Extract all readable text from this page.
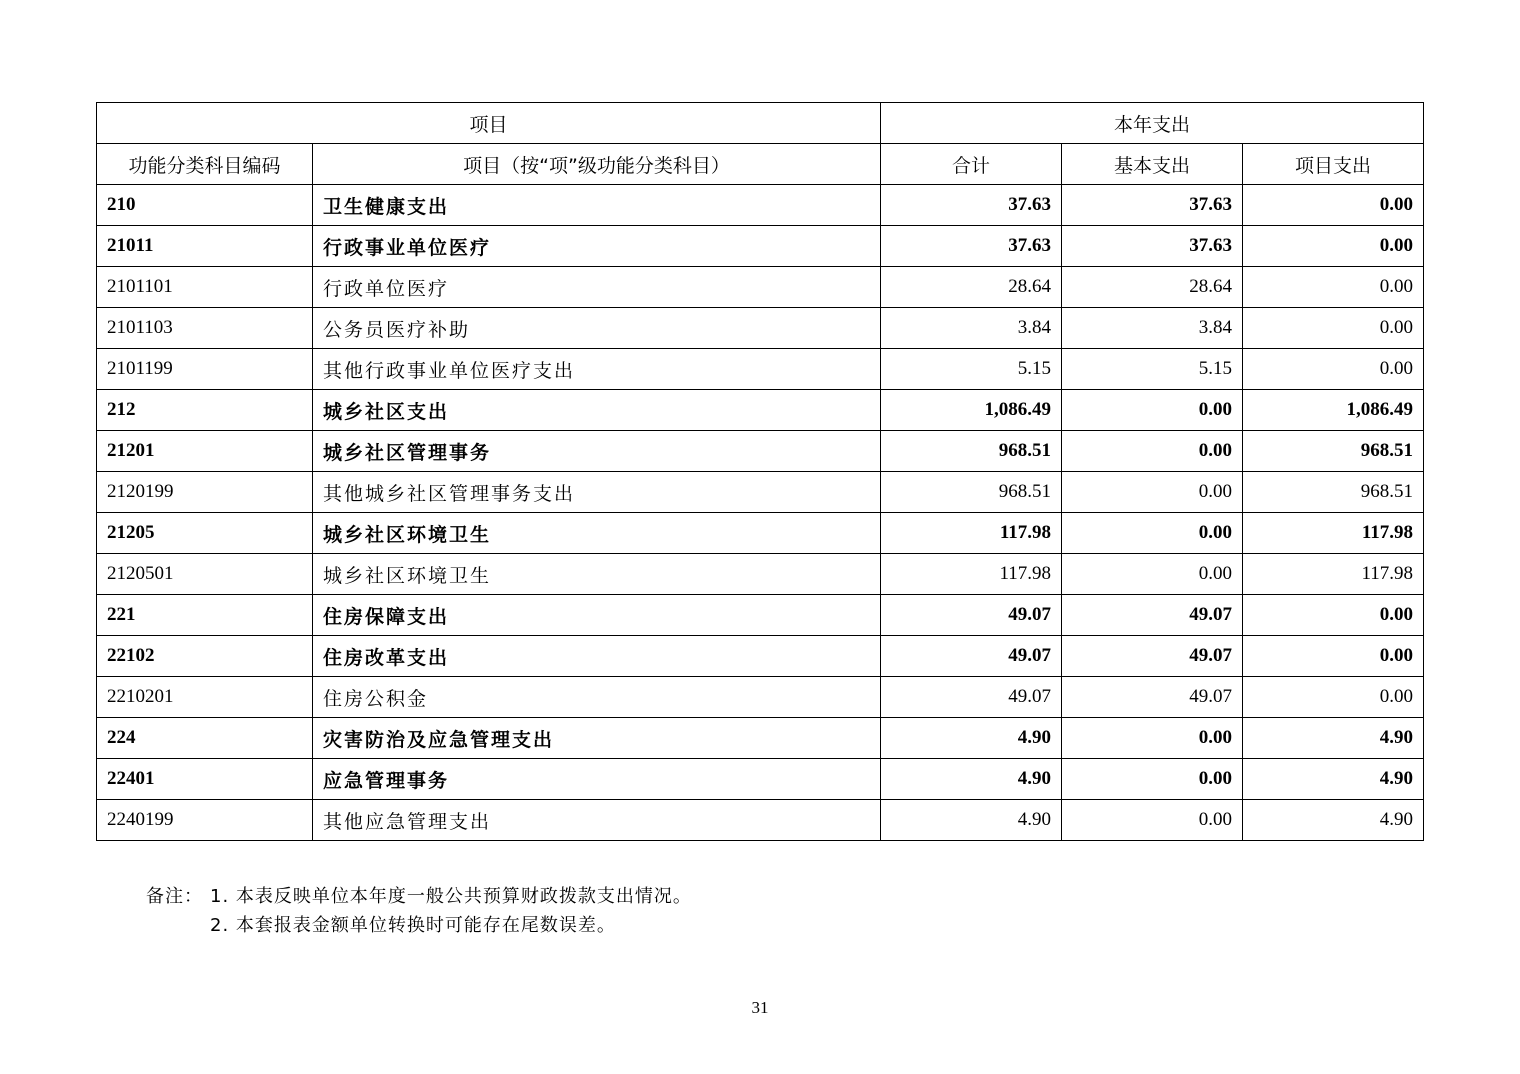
项目		本年支出		
功能分类科目编码	项目（按“项”级功能分类科目）	合计	基本支出	项目支出
210	卫生健康支出	37.63	37.63	0.00
21011	行政事业单位医疗	37.63	37.63	0.00
2101101	行政单位医疗	28.64	28.64	0.00
2101103	公务员医疗补助	3.84	3.84	0.00
2101199	其他行政事业单位医疗支出	5.15	5.15	0.00
212	城乡社区支出	1,086.49	0.00	1,086.49
21201	城乡社区管理事务	968.51	0.00	968.51
2120199	其他城乡社区管理事务支出	968.51	0.00	968.51
21205	城乡社区环境卫生	117.98	0.00	117.98
2120501	城乡社区环境卫生	117.98	0.00	117.98
221	住房保障支出	49.07	49.07	0.00
22102	住房改革支出	49.07	49.07	0.00
2210201	住房公积金	49.07	49.07	0.00
224	灾害防治及应急管理支出	4.90	0.00	4.90
22401	应急管理事务	4.90	0.00	4.90
2240199	其他应急管理支出	4.90	0.00	4.90
备注： 1. 本表反映单位本年度一般公共预算财政拨款支出情况。
2. 本套报表金额单位转换时可能存在尾数误差。
31
